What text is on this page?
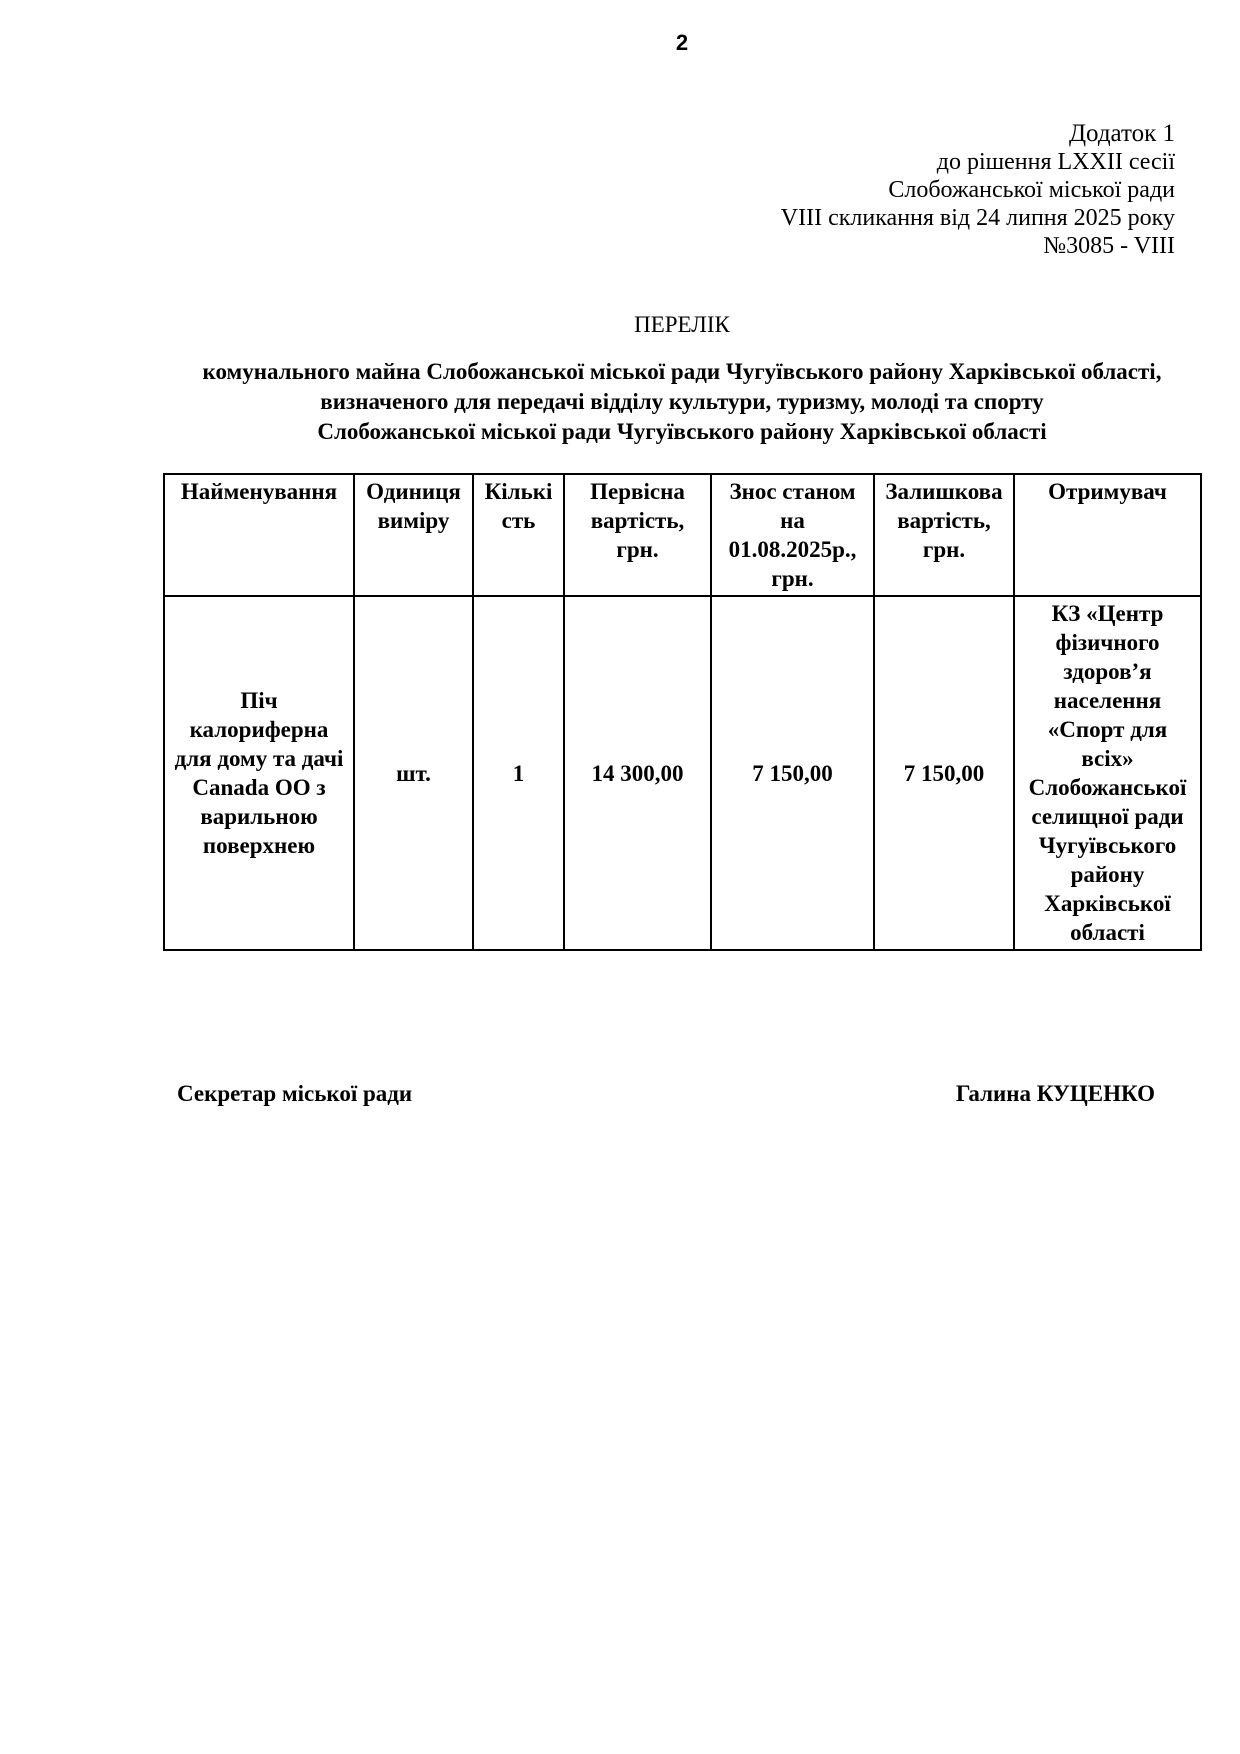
2
Додаток 1
до рішення LXXII сесії
Слобожанської міської ради
VIII скликання від 24 липня 2025 року
№3085 - VIII
ПЕРЕЛІК
комунального майна Слобожанської міської ради Чугуївського району Харківської області,
визначеного для передачі відділу культури, туризму, молоді та спорту
Слобожанської міської ради Чугуївського району Харківської області
Найменування	Одиниця виміру	Кількі сть	Первісна вартість, грн.	Знос станом на 01.08.2025р., грн.	Залишкова вартість, грн.	Отримувач
Піч калориферна для дому та дачі Canada ОО з варильною поверхнею	шт.	1	14 300,00	7 150,00	7 150,00	КЗ «Центр фізичного здоров’я населення «Спорт для всіх» Слобожанської селищної ради Чугуївського району Харківської області
Секретар міської ради	Галина КУЦЕНКО
